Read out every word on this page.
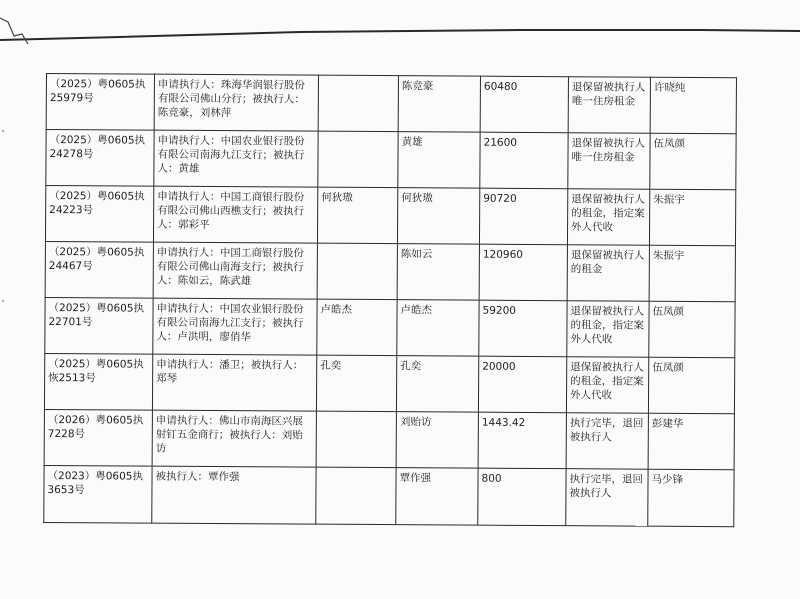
（2025）粤0605执25979号	申请执行人：珠海华润银行股份有限公司佛山分行；被执行人：陈竞豪，刘林萍		陈竞豪	60480	退保留被执行人唯一住房租金	许晓纯
（2025）粤0605执24278号	申请执行人：中国农业银行股份有限公司南海九江支行；被执行人：黄雄		黄雄	21600	退保留被执行人唯一住房租金	伍凤颜
（2025）粤0605执24223号	申请执行人：中国工商银行股份有限公司佛山西樵支行；被执行人：郭彩平	何狄璈	何狄璈	90720	退保留被执行人的租金，指定案外人代收	朱振宇
（2025）粤0605执24467号	申请执行人：中国工商银行股份有限公司佛山南海支行；被执行人：陈如云，陈武雄		陈如云	120960	退保留被执行人的租金	朱振宇
（2025）粤0605执22701号	申请执行人：中国农业银行股份有限公司南海九江支行；被执行人：卢洪明，廖俏华	卢皓杰	卢皓杰	59200	退保留被执行人的租金，指定案外人代收	伍凤颜
（2025）粤0605执恢2513号	申请执行人：潘卫；被执行人：郑琴	孔奕	孔奕	20000	退保留被执行人的租金，指定案外人代收	伍凤颜
（2026）粤0605执7228号	申请执行人：佛山市南海区兴展射钉五金商行；被执行人：刘贻访		刘贻访	1443.42	执行完毕，退回被执行人	彭建华
（2023）粤0605执3653号	被执行人：覃作强		覃作强	800	执行完毕，退回被执行人	马少锋
